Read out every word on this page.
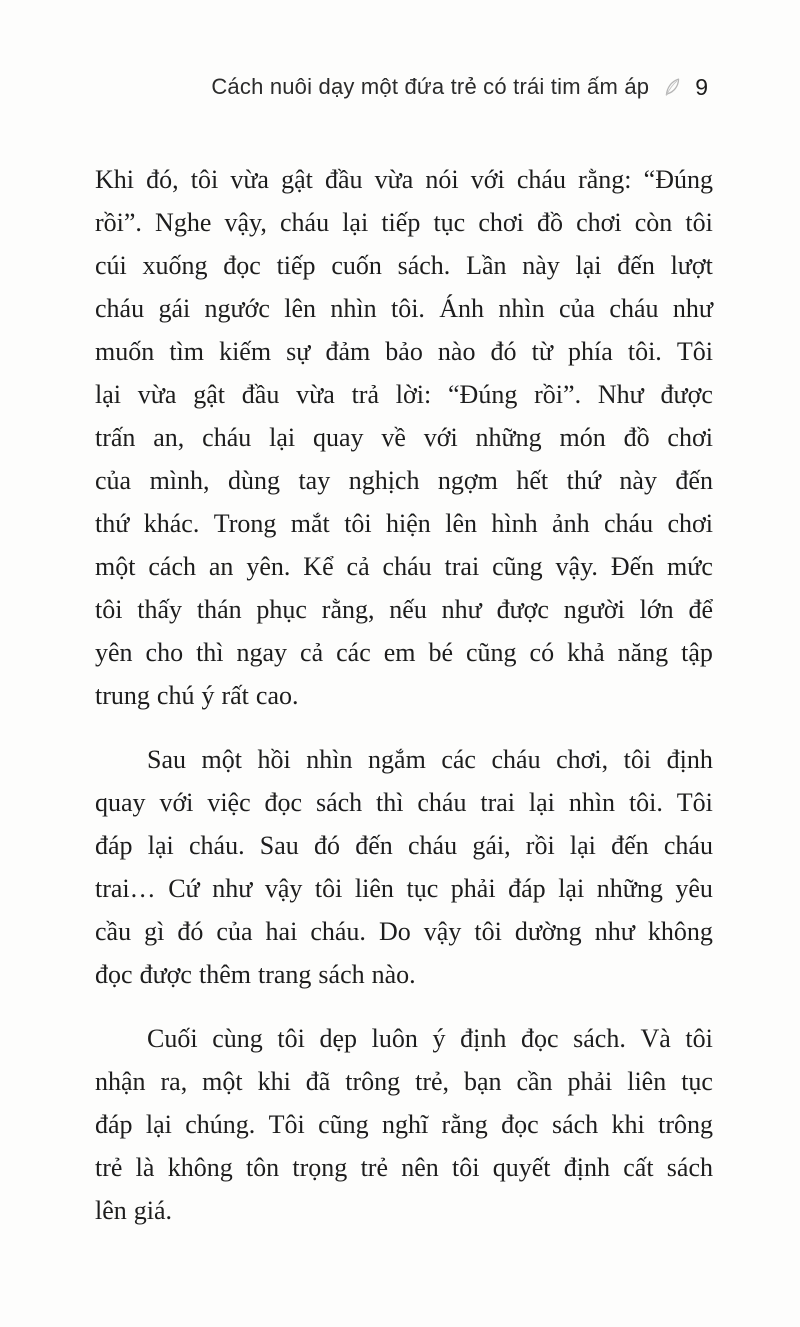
Cách nuôi dạy một đứa trẻ có trái tim ấm áp 9
Khi đó, tôi vừa gật đầu vừa nói với cháu rằng: “Đúng
rồi”. Nghe vậy, cháu lại tiếp tục chơi đồ chơi còn tôi
cúi xuống đọc tiếp cuốn sách. Lần này lại đến lượt
cháu gái ngước lên nhìn tôi. Ánh nhìn của cháu như
muốn tìm kiếm sự đảm bảo nào đó từ phía tôi. Tôi
lại vừa gật đầu vừa trả lời: “Đúng rồi”. Như được
trấn an, cháu lại quay về với những món đồ chơi
của mình, dùng tay nghịch ngợm hết thứ này đến
thứ khác. Trong mắt tôi hiện lên hình ảnh cháu chơi
một cách an yên. Kể cả cháu trai cũng vậy. Đến mức
tôi thấy thán phục rằng, nếu như được người lớn để
yên cho thì ngay cả các em bé cũng có khả năng tập
trung chú ý rất cao.
Sau một hồi nhìn ngắm các cháu chơi, tôi định
quay với việc đọc sách thì cháu trai lại nhìn tôi. Tôi
đáp lại cháu. Sau đó đến cháu gái, rồi lại đến cháu
trai… Cứ như vậy tôi liên tục phải đáp lại những yêu
cầu gì đó của hai cháu. Do vậy tôi dường như không
đọc được thêm trang sách nào.
Cuối cùng tôi dẹp luôn ý định đọc sách. Và tôi
nhận ra, một khi đã trông trẻ, bạn cần phải liên tục
đáp lại chúng. Tôi cũng nghĩ rằng đọc sách khi trông
trẻ là không tôn trọng trẻ nên tôi quyết định cất sách
lên giá.
